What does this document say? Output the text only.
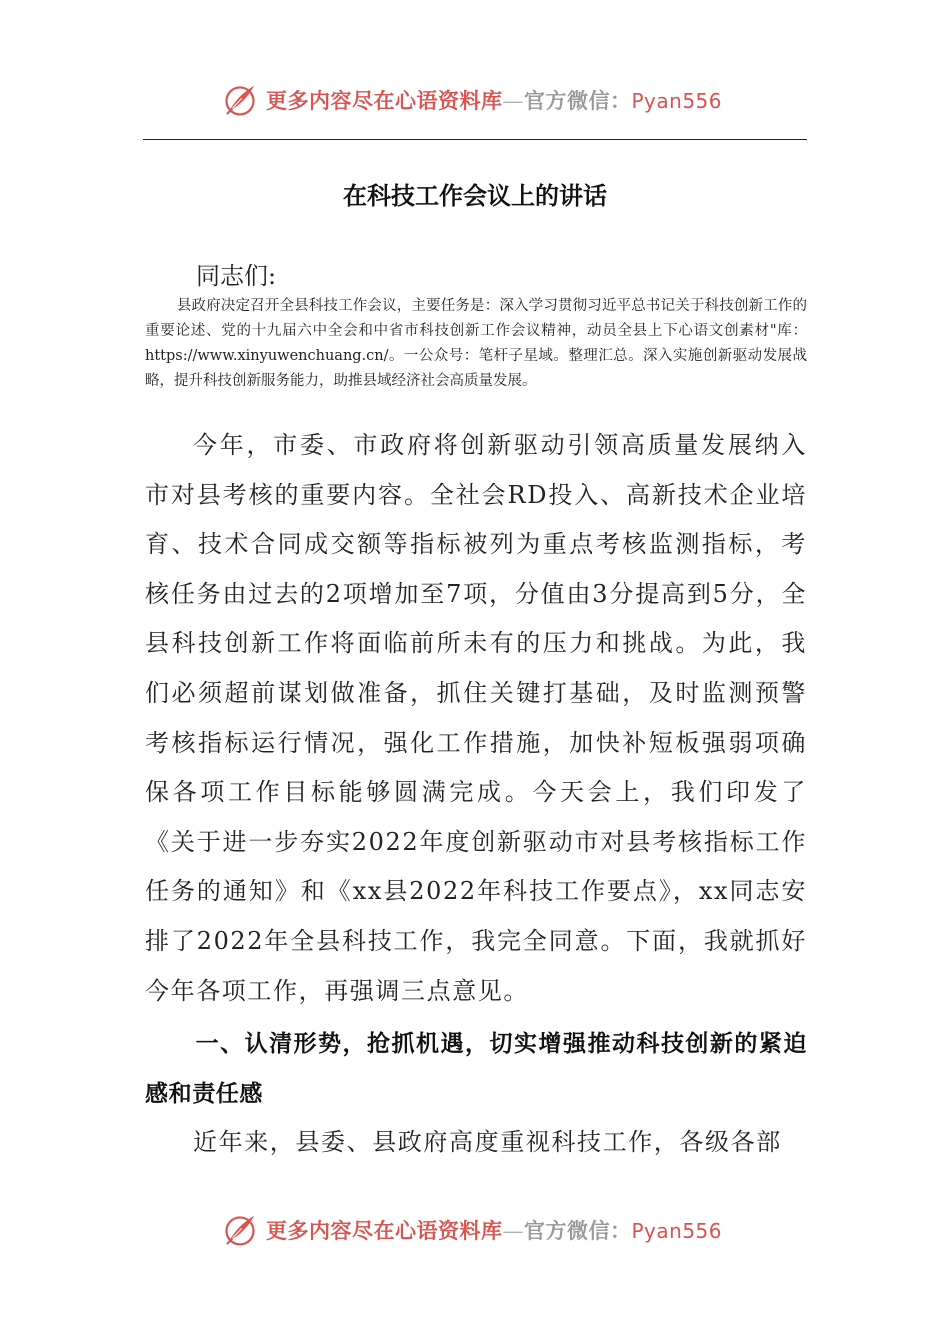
更多内容尽在心语资料库—官方微信：Pyan556
在科技工作会议上的讲话
同志们:
县政府决定召开全县科技工作会议，主要任务是：深入学习贯彻习近平总书记关于科技创新工作的重要论述、党的十九届六中全会和中省市科技创新工作会议精神，动员全县上下心语文创素材"库：https://www.xinyuwenchuang.cn/。一公众号：笔杆子星域。整理汇总。深入实施创新驱动发展战略，提升科技创新服务能力，助推县域经济社会高质量发展。
今年，市委、市政府将创新驱动引领高质量发展纳入市对县考核的重要内容。全社会RD投入、高新技术企业培育、技术合同成交额等指标被列为重点考核监测指标，考核任务由过去的2项增加至7项，分值由3分提高到5分，全县科技创新工作将面临前所未有的压力和挑战。为此，我们必须超前谋划做准备，抓住关键打基础，及时监测预警考核指标运行情况，强化工作措施，加快补短板强弱项确保各项工作目标能够圆满完成。今天会上，我们印发了《关于进一步夯实2022年度创新驱动市对县考核指标工作任务的通知》和《xx县2022年科技工作要点》，xx同志安排了2022年全县科技工作，我完全同意。下面，我就抓好今年各项工作，再强调三点意见。
一、认清形势，抢抓机遇，切实增强推动科技创新的紧迫感和责任感
近年来，县委、县政府高度重视科技工作，各级各部
更多内容尽在心语资料库—官方微信：Pyan556
